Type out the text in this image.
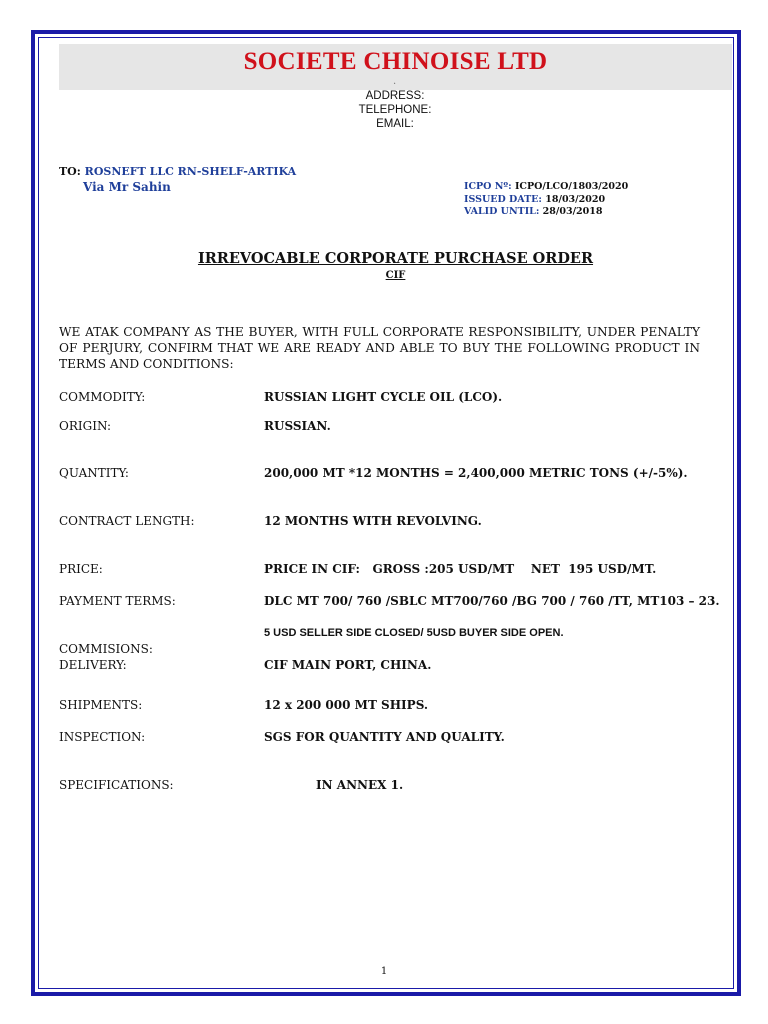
SOCIETE CHINOISE LTD
.
ADDRESS:
TELEPHONE:
EMAIL:
TO: ROSNEFT LLC RN-SHELF-ARTIKA
Via Mr Sahin	ICPO Nº: ICPO/LCO/1803/2020
ISSUED DATE: 18/03/2020
VALID UNTIL: 28/03/2018
IRREVOCABLE CORPORATE PURCHASE ORDER
CIF
WE ATAK COMPANY AS THE BUYER, WITH FULL CORPORATE RESPONSIBILITY, UNDER PENALTY OF PERJURY, CONFIRM THAT WE ARE READY AND ABLE TO BUY THE FOLLOWING PRODUCT IN TERMS AND CONDITIONS:
COMMODITY:	RUSSIAN LIGHT CYCLE OIL (LCO).
ORIGIN:	RUSSIAN.
QUANTITY:	200,000 MT *12 MONTHS = 2,400,000 METRIC TONS (+/-5%).
CONTRACT LENGTH:	12 MONTHS WITH REVOLVING.
PRICE:	PRICE IN CIF:   GROSS :205 USD/MT    NET  195 USD/MT.
PAYMENT TERMS:	DLC MT 700/ 760 /SBLC MT700/760 /BG 700 / 760 /TT, MT103 – 23.
COMMISIONS:
5 USD SELLER SIDE CLOSED/ 5USD BUYER SIDE OPEN.
DELIVERY:	CIF MAIN PORT, CHINA.
SHIPMENTS:	12 x 200 000 MT SHIPS.
INSPECTION:	SGS FOR QUANTITY AND QUALITY.
SPECIFICATIONS:	IN ANNEX 1.
1
